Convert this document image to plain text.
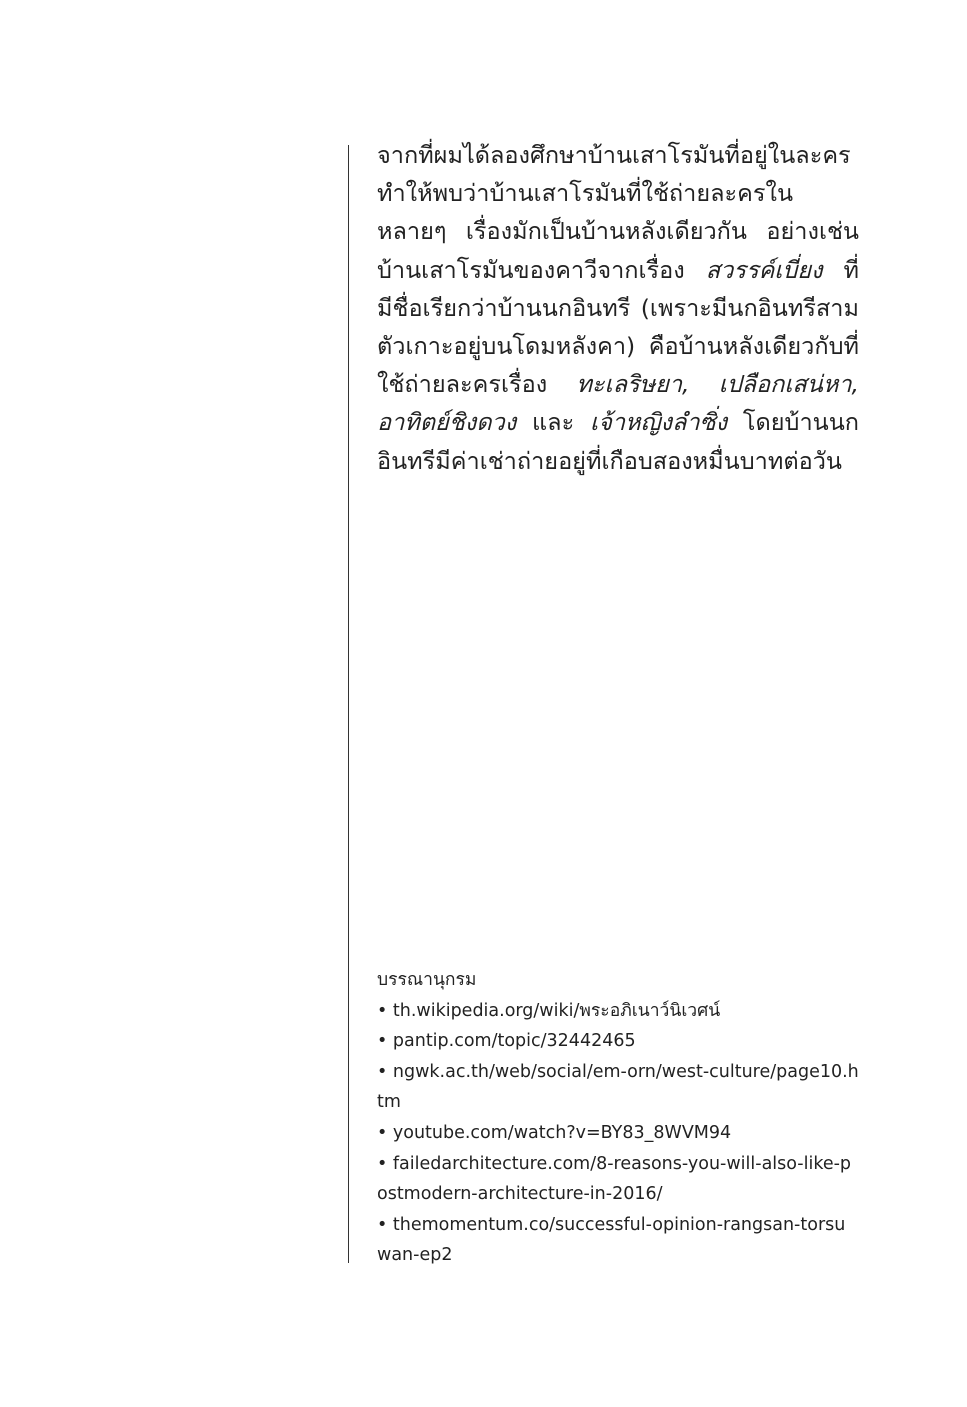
จากที่ผมได้ลองศึกษาบ้านเสาโรมันที่อยู่ในละครทำให้พบว่าบ้านเสาโรมันที่ใช้ถ่ายละครในหลายๆ เรื่องมักเป็นบ้านหลังเดียวกัน อย่างเช่นบ้านเสาโรมันของคาวีจากเรื่อง สวรรค์เบี่ยง ที่มีชื่อเรียกว่าบ้านนกอินทรี (เพราะมีนกอินทรีสามตัวเกาะอยู่บนโดมหลังคา) คือบ้านหลังเดียวกับที่ใช้ถ่ายละครเรื่อง ทะเลริษยา, เปลือกเสน่หา, อาทิตย์ชิงดวง และ เจ้าหญิงลำซิ่ง โดยบ้านนกอินทรีมีค่าเช่าถ่ายอยู่ที่เกือบสองหมื่นบาทต่อวัน

บรรณานุกรม

• th.wikipedia.org/wiki/พระอภิเนาว์นิเวศน์
• pantip.com/topic/32442465
• ngwk.ac.th/web/social/em-orn/west-culture/page10.htm
• youtube.com/watch?v=BY83_8WVM94
• failedarchitecture.com/8-reasons-you-will-also-like-postmodern-architecture-in-2016/
• themomentum.co/successful-opinion-rangsan-torsuwan-ep2
